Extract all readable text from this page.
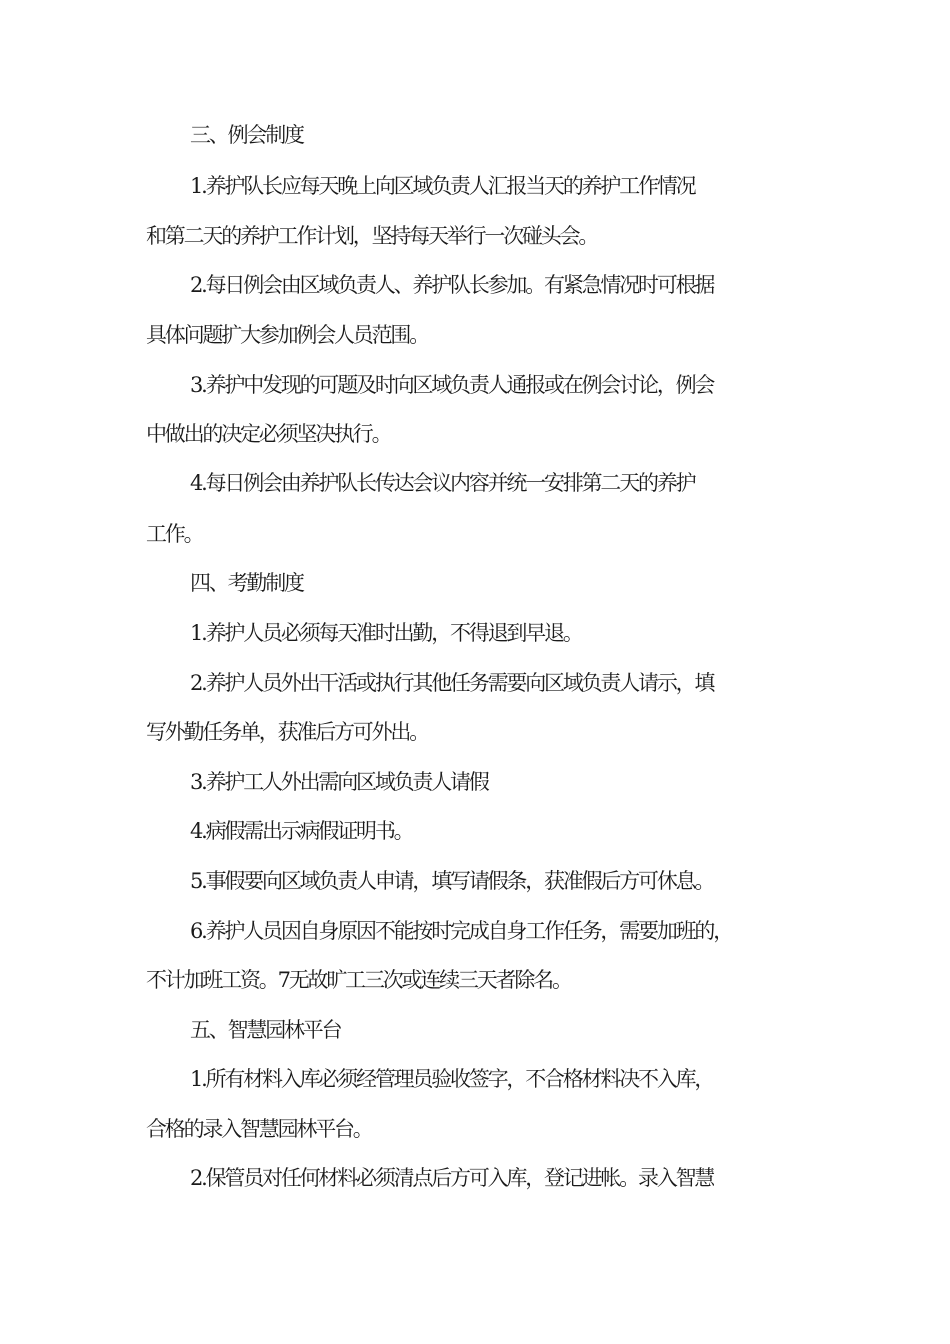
三、例会制度
1.养护队长应每天晚上向区域负责人汇报当天的养护工作情况
和第二天的养护工作计划，坚持每天举行一次碰头会。
2.每日例会由区域负责人、养护队长参加。有紧急情况时可根据
具体问题扩大参加例会人员范围。
3.养护中发现的可题及时向区域负责人通报或在例会讨论，例会
中做出的决定必须坚决执行。
4.每日例会由养护队长传达会议内容并统一安排第二天的养护
工作。
四、考勤制度
1.养护人员必须每天准时出勤，不得退到早退。
2.养护人员外出干活或执行其他任务需要向区域负责人请示，填
写外勤任务单，获准后方可外出。
3.养护工人外出需向区域负责人请假
4.病假需出示病假证明书。
5.事假要向区域负责人申请，填写请假条，获准假后方可休息。
6.养护人员因自身原因不能按时完成自身工作任务，需要加班的，
不计加班工资。7无故旷工三次或连续三天者除名。
五、智慧园林平台
1.所有材料入库必须经管理员验收签字，不合格材料决不入库，
合格的录入智慧园林平台。
2.保管员对任何材料必须清点后方可入库，登记进帐。录入智慧
